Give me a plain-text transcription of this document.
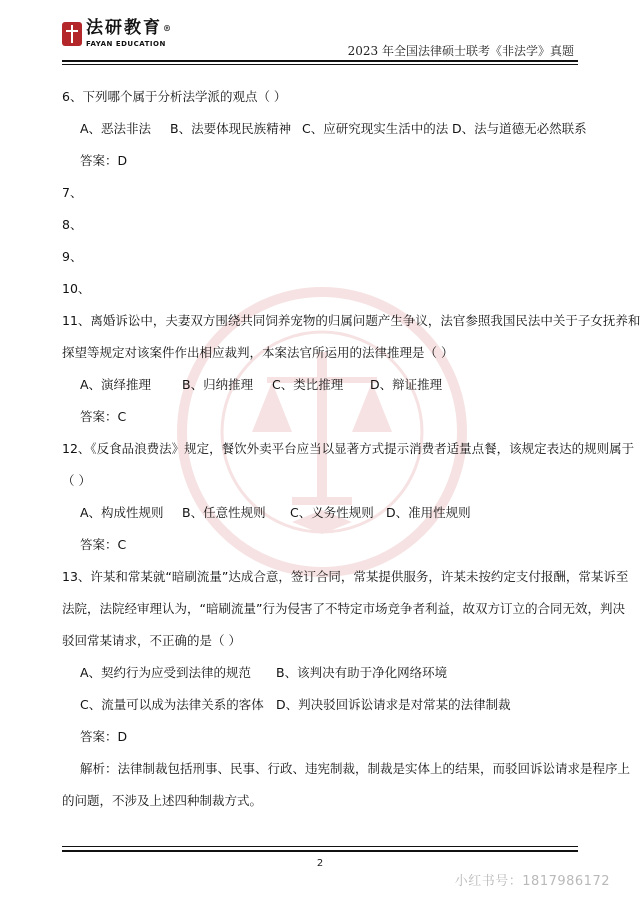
法研教育®
FAYAN EDUCATION	2023 年全国法律硕士联考《非法学》真题
6、下列哪个属于分析法学派的观点（ ）
A、恶法非法 B、法要体现民族精神 C、应研究现实生活中的法 D、法与道德无必然联系
答案：D
7、
8、
9、
10、
11、离婚诉讼中，夫妻双方围绕共同饲养宠物的归属问题产生争议，法官参照我国民法中关于子女抚养和
探望等规定对该案件作出相应裁判，本案法官所运用的法律推理是（ ）
A、演绎推理 B、归纳推理 C、类比推理 D、辩证推理
答案：C
12、《反食品浪费法》规定，餐饮外卖平台应当以显著方式提示消费者适量点餐，该规定表达的规则属于
（ ）
A、构成性规则 B、任意性规则 C、义务性规则 D、准用性规则
答案：C
13、许某和常某就“暗刷流量”达成合意，签订合同，常某提供服务，许某未按约定支付报酬，常某诉至
法院，法院经审理认为，“暗刷流量”行为侵害了不特定市场竞争者利益，故双方订立的合同无效，判决
驳回常某请求，不正确的是（ ）
A、契约行为应受到法律的规范 B、该判决有助于净化网络环境
C、流量可以成为法律关系的客体 D、判决驳回诉讼请求是对常某的法律制裁
答案：D
解析：法律制裁包括刑事、民事、行政、违宪制裁，制裁是实体上的结果，而驳回诉讼请求是程序上
的问题，不涉及上述四种制裁方式。
2
小红书号：1817986172
